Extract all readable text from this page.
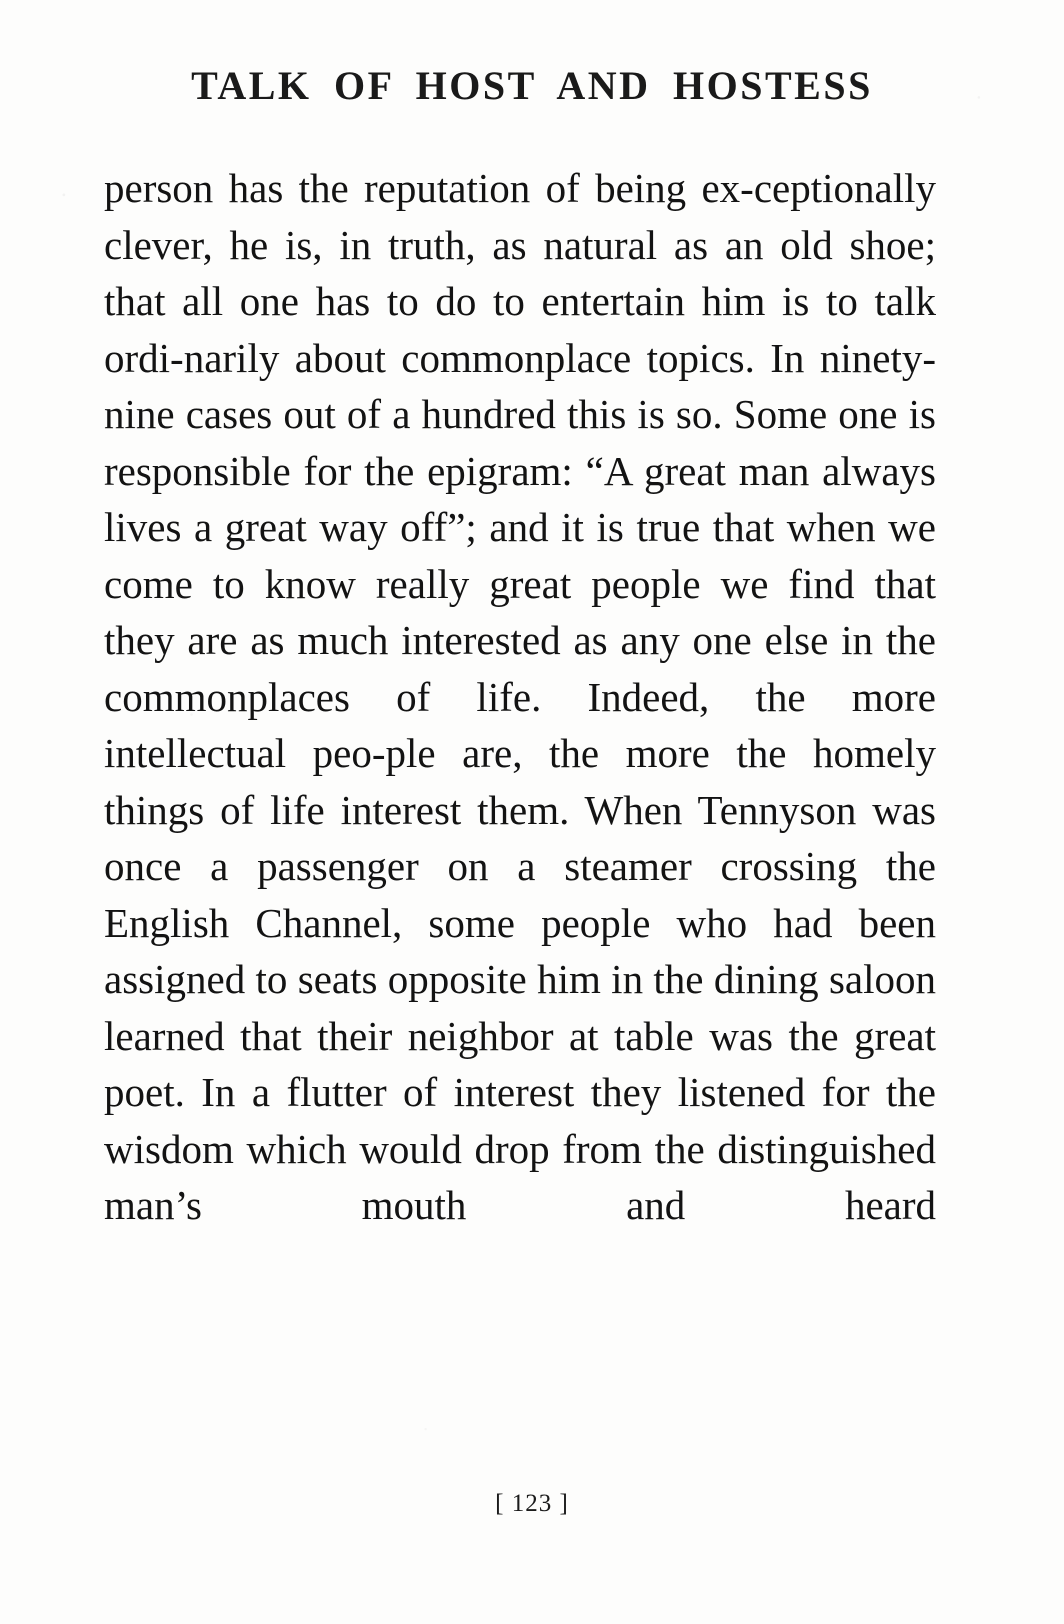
TALK OF HOST AND HOSTESS

person has the reputation of being ex-ceptionally clever, he is, in truth, as natural as an old shoe; that all one has to do to entertain him is to talk ordi-narily about commonplace topics. In ninety-nine cases out of a hundred this is so. Some one is responsible for the epigram: “A great man always lives a great way off”; and it is true that when we come to know really great people we find that they are as much interested as any one else in the commonplaces of life. Indeed, the more intellectual peo-ple are, the more the homely things of life interest them. When Tennyson was once a passenger on a steamer crossing the English Channel, some people who had been assigned to seats opposite him in the dining saloon learned that their neighbor at table was the great poet. In a flutter of interest they listened for the wisdom which would drop from the distinguished man’s mouth and heard

[ 123 ]
